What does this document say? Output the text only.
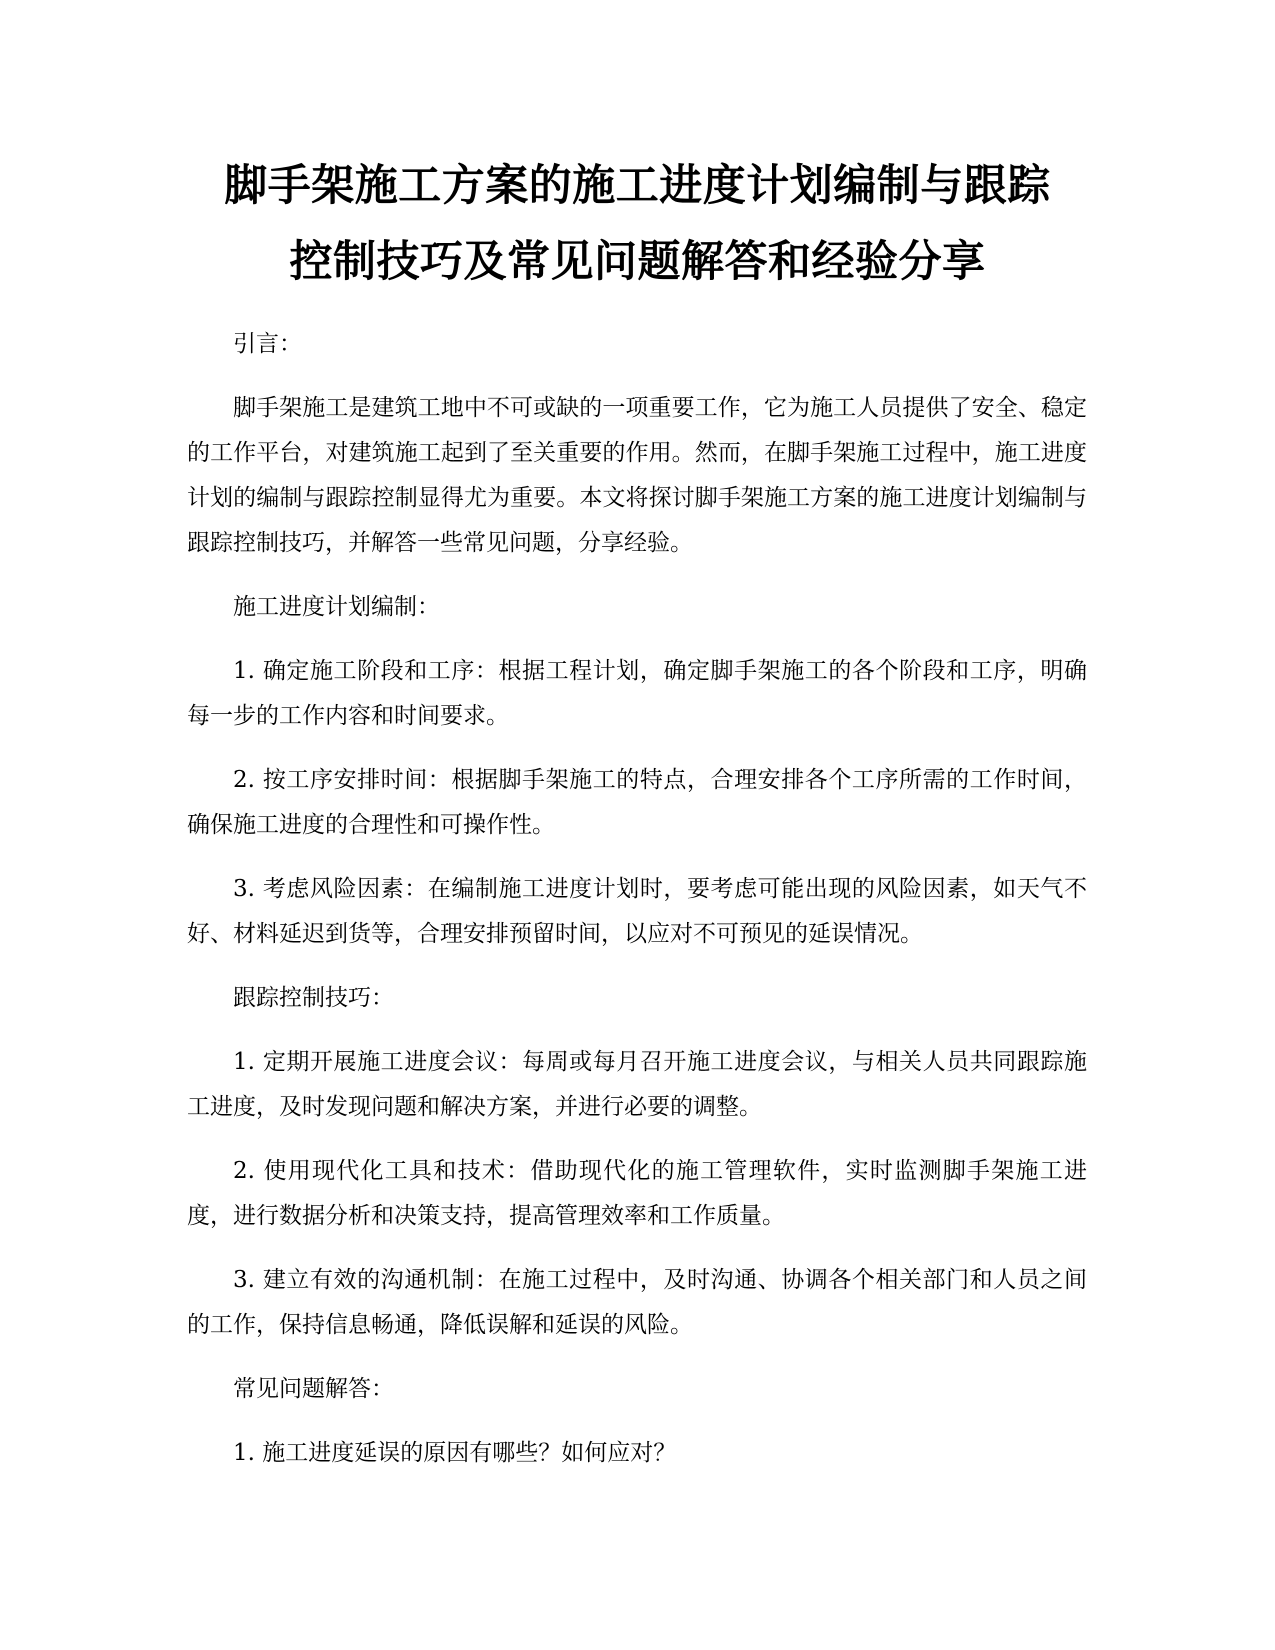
脚手架施工方案的施工进度计划编制与跟踪
控制技巧及常见问题解答和经验分享

引言：

脚手架施工是建筑工地中不可或缺的一项重要工作，它为施工人员提供了安全、稳定的工作平台，对建筑施工起到了至关重要的作用。然而，在脚手架施工过程中，施工进度计划的编制与跟踪控制显得尤为重要。本文将探讨脚手架施工方案的施工进度计划编制与跟踪控制技巧，并解答一些常见问题，分享经验。

施工进度计划编制：

1. 确定施工阶段和工序：根据工程计划，确定脚手架施工的各个阶段和工序，明确每一步的工作内容和时间要求。

2. 按工序安排时间：根据脚手架施工的特点，合理安排各个工序所需的工作时间，确保施工进度的合理性和可操作性。

3. 考虑风险因素：在编制施工进度计划时，要考虑可能出现的风险因素，如天气不好、材料延迟到货等，合理安排预留时间，以应对不可预见的延误情况。

跟踪控制技巧：

1. 定期开展施工进度会议：每周或每月召开施工进度会议，与相关人员共同跟踪施工进度，及时发现问题和解决方案，并进行必要的调整。

2. 使用现代化工具和技术：借助现代化的施工管理软件，实时监测脚手架施工进度，进行数据分析和决策支持，提高管理效率和工作质量。

3. 建立有效的沟通机制：在施工过程中，及时沟通、协调各个相关部门和人员之间的工作，保持信息畅通，降低误解和延误的风险。

常见问题解答：

1. 施工进度延误的原因有哪些？如何应对？
